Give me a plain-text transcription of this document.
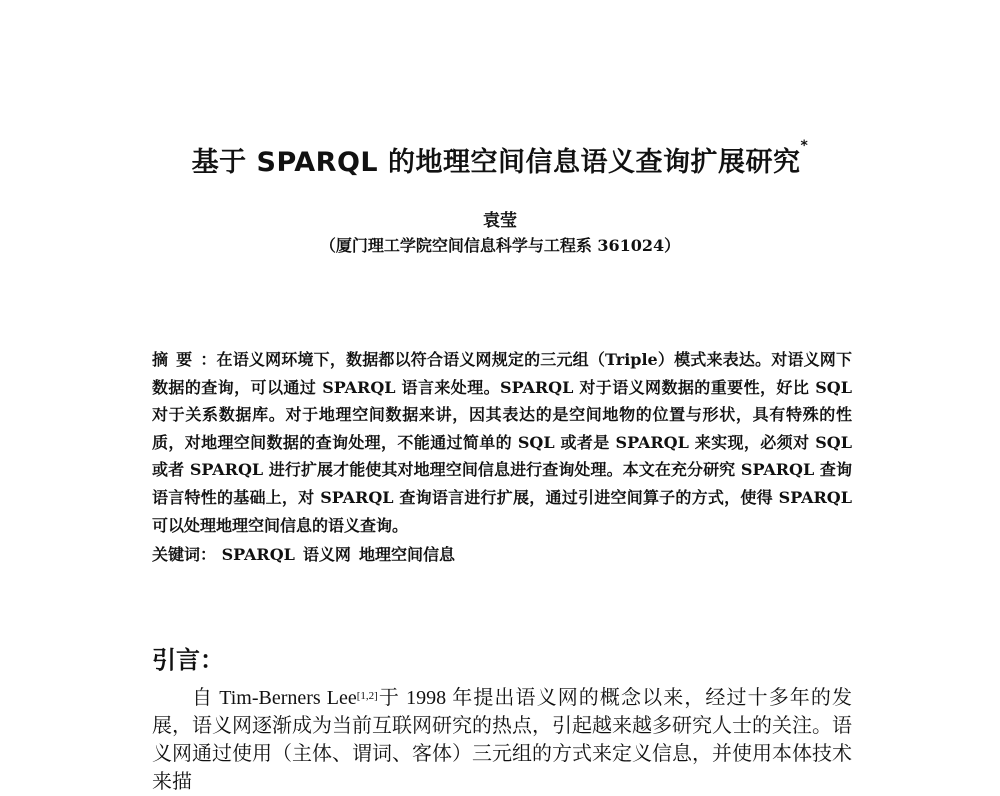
基于 SPARQL 的地理空间信息语义查询扩展研究*
袁莹
（厦门理工学院空间信息科学与工程系 361024）
摘要：在语义网环境下，数据都以符合语义网规定的三元组（Triple）模式来表达。对语义网下数据的查询，可以通过 SPARQL 语言来处理。SPARQL 对于语义网数据的重要性，好比 SQL 对于关系数据库。对于地理空间数据来讲，因其表达的是空间地物的位置与形状，具有特殊的性质，对地理空间数据的查询处理，不能通过简单的 SQL 或者是 SPARQL 来实现，必须对 SQL 或者 SPARQL 进行扩展才能使其对地理空间信息进行查询处理。本文在充分研究 SPARQL 查询语言特性的基础上，对 SPARQL 查询语言进行扩展，通过引进空间算子的方式，使得 SPARQL 可以处理地理空间信息的语义查询。
关键词： SPARQL 语义网 地理空间信息
引言：
自 Tim-Berners Lee[1,2]于 1998 年提出语义网的概念以来，经过十多年的发展，语义网逐渐成为当前互联网研究的热点，引起越来越多研究人士的关注。语义网通过使用（主体、谓词、客体）三元组的方式来定义信息，并使用本体技术来描
